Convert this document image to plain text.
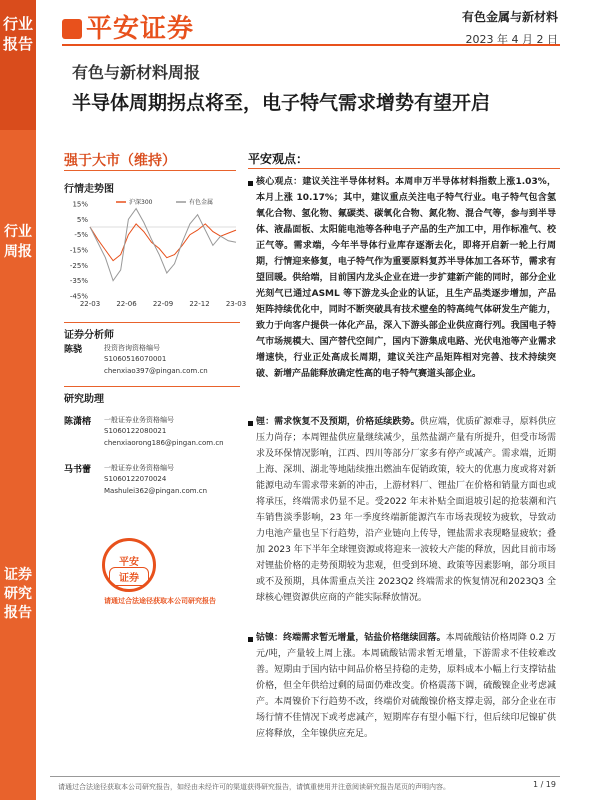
行业
报告
行业
周报
证券
研究
报告
平安证券	有色金属与新材料
2023 年 4 月 2 日
有色与新材料周报
半导体周期拐点将至，电子特气需求增势有望开启
强于大市（维持）
行情走势图
15%
5%
-5%
-15%
-25%
-35%
-45%
22-03 22-06 22-09 22-12 23-03
沪深300	有色金属
证券分析师
陈骁	投资咨询资格编号
S1060516070001
chenxiao397@pingan.com.cn
研究助理
陈潇榕 一般证券业务资格编号
S1060122080021
chenxiaorong186@pingan.com.cn
马书蕾 一般证券业务资格编号
S1060122070024
Mashulei362@pingan.com.cn
平安
证券
请通过合法途径获取本公司研究报告
平安观点：
核心观点：建议关注半导体材料。本周申万半导体材料指数上涨1.03%，本月上涨 10.17%；其中，建议重点关注电子特气行业。电子特气包含氢氧化合物、氢化物、氟碳类、碳氧化合物、氮化物、混合气等，参与到半导体、液晶面板、太阳能电池等各种电子产品的生产加工中，用作标准气、校正气等。需求端，今年半导体行业库存逐渐去化，即将开启新一轮上行周期，行情迎来修复，电子特气作为重要原料复苏半导体加工各环节，需求有望回暖。供给端，目前国内龙头企业在进一步扩建新产能的同时，部分企业光刻气已通过ASML 等下游龙头企业的认证，且生产品类逐步增加，产品矩阵持续优化中，同时不断突破具有技术壁垒的特高纯气体研发生产能力，致力于向客户提供一体化产品，深入下游头部企业供应商行列。我国电子特气市场规模大、国产替代空间广，国内下游集成电路、光伏电池等产业需求增速快，行业正处高成长周期，建议关注产品矩阵相对完善、技术持续突破、新增产品能释放确定性高的电子特气赛道头部企业。
锂：需求恢复不及预期，价格延续跌势。供应端，优质矿源难寻，原料供应压力尚存；本周锂盐供应量继续减少，虽然盐湖产量有所提升，但受市场需求及环保情况影响，江西、四川等部分厂家多有停产或减产。需求端，近期上海、深圳、湖北等地陆续推出燃油车促销政策，较大的优惠力度或将对新能源电动车需求带来新的冲击，上游材料厂、锂盐厂在价格和销量方面也或将承压，终端需求仍显不足。受2022 年末补贴全面退坡引起的抢装潮和汽车销售淡季影响，23 年一季度终端新能源汽车市场表现较为疲软，导致动力电池产量也呈下行趋势，沿产业链向上传导，锂盐需求表现略显疲软；叠加 2023 年下半年全球锂资源或将迎来一波较大产能的释放，因此目前市场对锂盐价格的走势预期较为悲观，但受到环境、政策等因素影响，部分项目或不及预期，具体需重点关注 2023Q2 终端需求的恢复情况和2023Q3 全球核心锂资源供应商的产能实际释放情况。
钴镍：终端需求暂无增量，钴盐价格继续回落。本周硫酸钴价格周降 0.2 万元/吨，产量较上周上涨。本周硫酸钴需求暂无增量，下游需求不佳较难改善。短期由于国内钴中间品价格呈持稳的走势，原料成本小幅上行支撑钴盐价格，但全年供给过剩的局面仍难改变。价格震荡下调，硫酸镍企业考虑减产。本周镍价下行趋势不改，终端价对硫酸镍价格支撑走弱，部分企业在市场行情不佳情况下或考虑减产，短期库存有望小幅下行，但后续印尼镍矿供应将释放，全年镍供应充足。
请通过合法途径获取本公司研究报告，如经由未经许可的渠道获得研究报告，请慎重使用并注意阅读研究报告尾页的声明内容。	1 / 19
